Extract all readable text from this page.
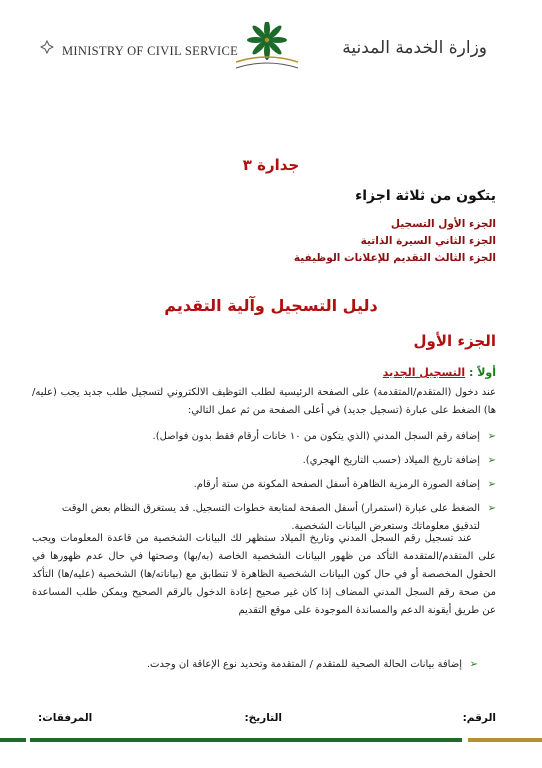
MINISTRY OF CIVIL SERVICE	وزارة الخدمة المدنية
جدارة ٣
يتكون من ثلاثة اجزاء
الجزء الأول التسجيل
الجزء الثاني السيرة الذاتية
الجزء الثالث التقديم للإعلانات الوظيفية
دليل التسجيل وآلية التقديم
الجزء الأول
أولاً : التسجيل الجديد
عند دخول (المتقدم/المتقدمة) على الصفحة الرئيسية لطلب التوظيف الالكتروني لتسجيل طلب جديد يجب (عليه/ها) الضغط على عبارة (تسجيل جديد) في أعلى الصفحة من ثم عمل التالي:
➢
إضافة رقم السجل المدني (الذي يتكون من ١٠ خانات أرقام فقط بدون فواصل).
➢
إضافة تاريخ الميلاد (حسب التاريخ الهجري).
➢
إضافة الصورة الرمزية الظاهرة أسفل الصفحة المكونة من ستة أرقام.
➢
الضغط على عبارة (استمرار) أسفل الصفحة لمتابعة خطوات التسجيل. قد يستغرق النظام بعض الوقت لتدقيق معلوماتك وستعرض البيانات الشخصية.
عند تسجيل رقم السجل المدني وتاريخ الميلاد ستظهر لك البيانات الشخصية من قاعدة المعلومات ويجب على المتقدم/المتقدمة التأكد من ظهور البيانات الشخصية الخاصة (به/بها) وصحتها في حال عدم ظهورها في الحقول المخصصة أو في حال كون البيانات الشخصية الظاهرة لا تتطابق مع (بياناته/ها) الشخصية (عليه/ها) التأكد من صحة رقم السجل المدني المضاف إذا كان غير صحيح إعادة الدخول بالرقم الصحيح ويمكن طلب المساعدة عن طريق أيقونة الدعم والمساندة الموجودة على موقع التقديم
➢
إضافة بيانات الحالة الصحية للمتقدم / المتقدمة وتحديد نوع الإعاقة ان وجدت.
الرقم:
التاريخ:
المرفقات:
